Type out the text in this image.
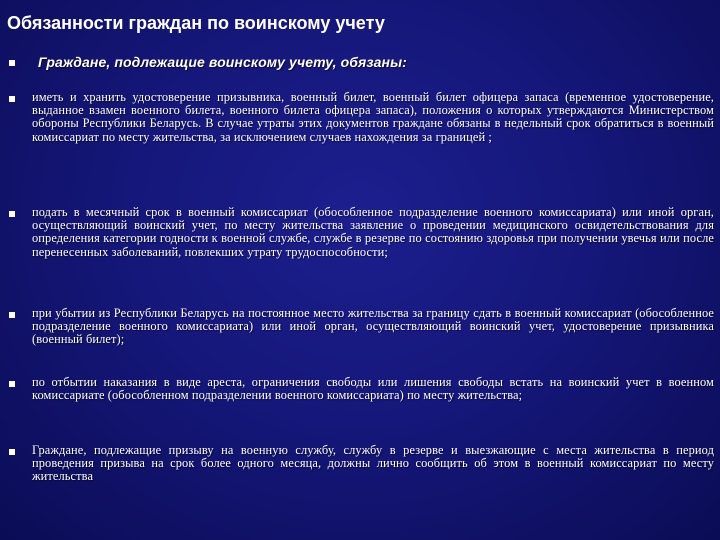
Обязанности граждан по воинскому учету
Граждане, подлежащие воинскому учету, обязаны:
иметь и хранить удостоверение призывника, военный билет, военный билет офицера запаса (временное удостоверение, выданное взамен военного билета, военного билета офицера запаса), положения о которых утверждаются Министерством обороны Республики Беларусь. В случае утраты этих документов граждане обязаны в недельный срок обратиться в военный комиссариат по месту жительства, за исключением случаев нахождения за границей ;
подать в месячный срок в военный комиссариат (обособленное подразделение военного комиссариата) или иной орган, осуществляющий воинский учет, по месту жительства заявление о проведении медицинского освидетельствования для определения категории годности к военной службе, службе в резерве по состоянию здоровья при получении увечья или после перенесенных заболеваний, повлекших утрату трудоспособности;
при убытии из Республики Беларусь на постоянное место жительства за границу сдать в военный комиссариат (обособленное подразделение военного комиссариата) или иной орган, осуществляющий воинский учет, удостоверение призывника (военный билет);
по отбытии наказания в виде ареста, ограничения свободы или лишения свободы встать на воинский учет в военном комиссариате (обособленном подразделении военного комиссариата) по месту жительства;
Граждане, подлежащие призыву на военную службу, службу в резерве и выезжающие с места жительства в период проведения призыва на срок более одного месяца, должны лично сообщить об этом в военный комиссариат по месту жительства
